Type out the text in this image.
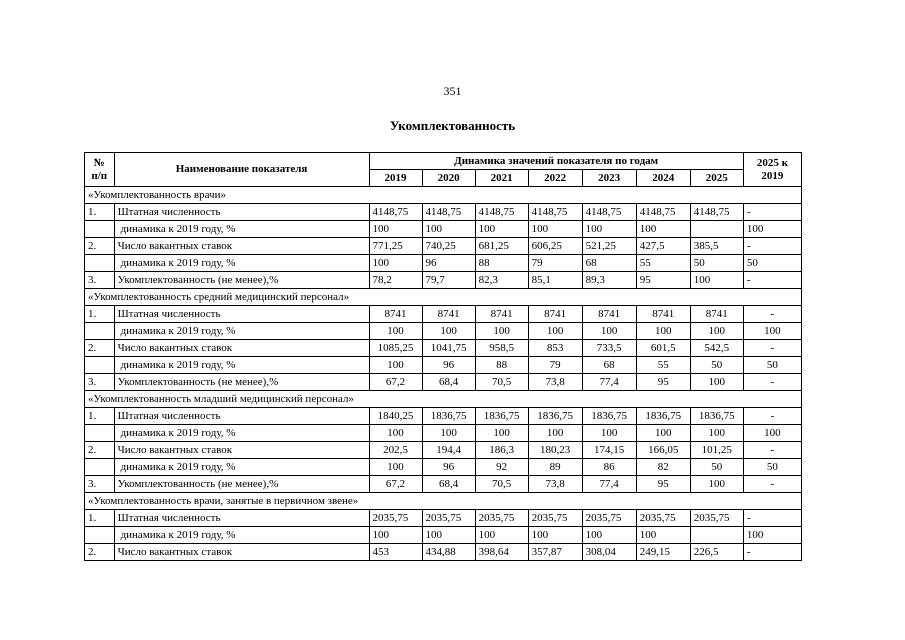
351
Укомплектованность
№ п/п	Наименование показателя	Динамика значений показателя по годам							2025 к 2019
		2019	2020	2021	2022	2023	2024	2025	
«Укомплектованность врачи»									
1.	Штатная численность	4148,75	4148,75	4148,75	4148,75	4148,75	4148,75	4148,75	-
	динамика к 2019 году, %	100	100	100	100	100	100		100
2.	Число вакантных ставок	771,25	740,25	681,25	606,25	521,25	427,5	385,5	-
	динамика к 2019 году, %	100	96	88	79	68	55	50	50
3.	Укомплектованность (не менее),%	78,2	79,7	82,3	85,1	89,3	95	100	-
«Укомплектованность средний медицинский персонал»									
1.	Штатная численность	8741	8741	8741	8741	8741	8741	8741	-
	динамика к 2019 году, %	100	100	100	100	100	100	100	100
2.	Число вакантных ставок	1085,25	1041,75	958,5	853	733,5	601,5	542,5	-
	динамика к 2019 году, %	100	96	88	79	68	55	50	50
3.	Укомплектованность (не менее),%	67,2	68,4	70,5	73,8	77,4	95	100	-
«Укомплектованность младший медицинский персонал»									
1.	Штатная численность	1840,25	1836,75	1836,75	1836,75	1836,75	1836,75	1836,75	-
	динамика к 2019 году, %	100	100	100	100	100	100	100	100
2.	Число вакантных ставок	202,5	194,4	186,3	180,23	174,15	166,05	101,25	-
	динамика к 2019 году, %	100	96	92	89	86	82	50	50
3.	Укомплектованность (не менее),%	67,2	68,4	70,5	73,8	77,4	95	100	-
«Укомплектованность врачи, занятые в первичном звене»									
1.	Штатная численность	2035,75	2035,75	2035,75	2035,75	2035,75	2035,75	2035,75	-
	динамика к 2019 году, %	100	100	100	100	100	100		100
2.	Число вакантных ставок	453	434,88	398,64	357,87	308,04	249,15	226,5	-
